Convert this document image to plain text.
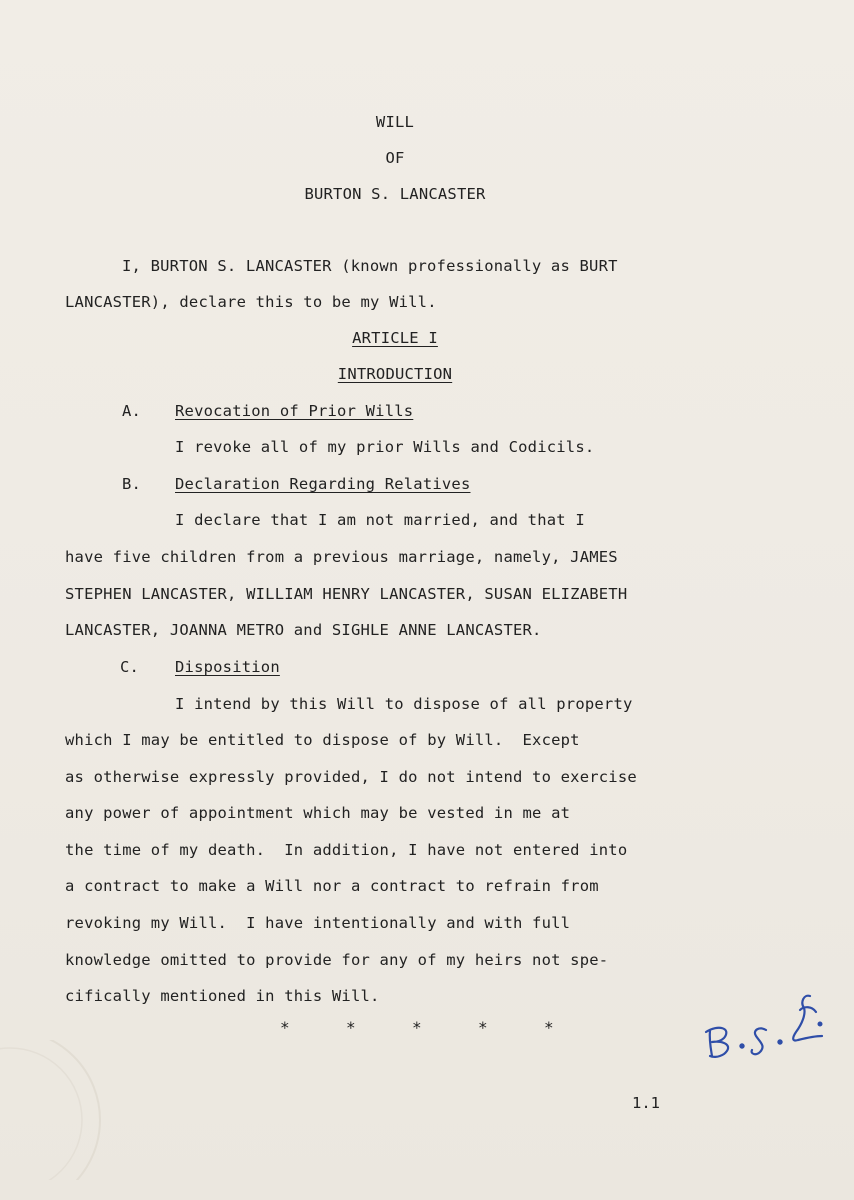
WILL
OF
BURTON S. LANCASTER
I, BURTON S. LANCASTER (known professionally as BURT
LANCASTER), declare this to be my Will.
ARTICLE I
INTRODUCTION
A. Revocation of Prior Wills
I revoke all of my prior Wills and Codicils.
B. Declaration Regarding Relatives
I declare that I am not married, and that I
have five children from a previous marriage, namely, JAMES
STEPHEN LANCASTER, WILLIAM HENRY LANCASTER, SUSAN ELIZABETH
LANCASTER, JOANNA METRO and SIGHLE ANNE LANCASTER.
C. Disposition
I intend by this Will to dispose of all property
which I may be entitled to dispose of by Will.  Except
as otherwise expressly provided, I do not intend to exercise
any power of appointment which may be vested in me at
the time of my death.  In addition, I have not entered into
a contract to make a Will nor a contract to refrain from
revoking my Will.  I have intentionally and with full
knowledge omitted to provide for any of my heirs not spe-
cifically mentioned in this Will.
*	*	*	*	*
1.1
